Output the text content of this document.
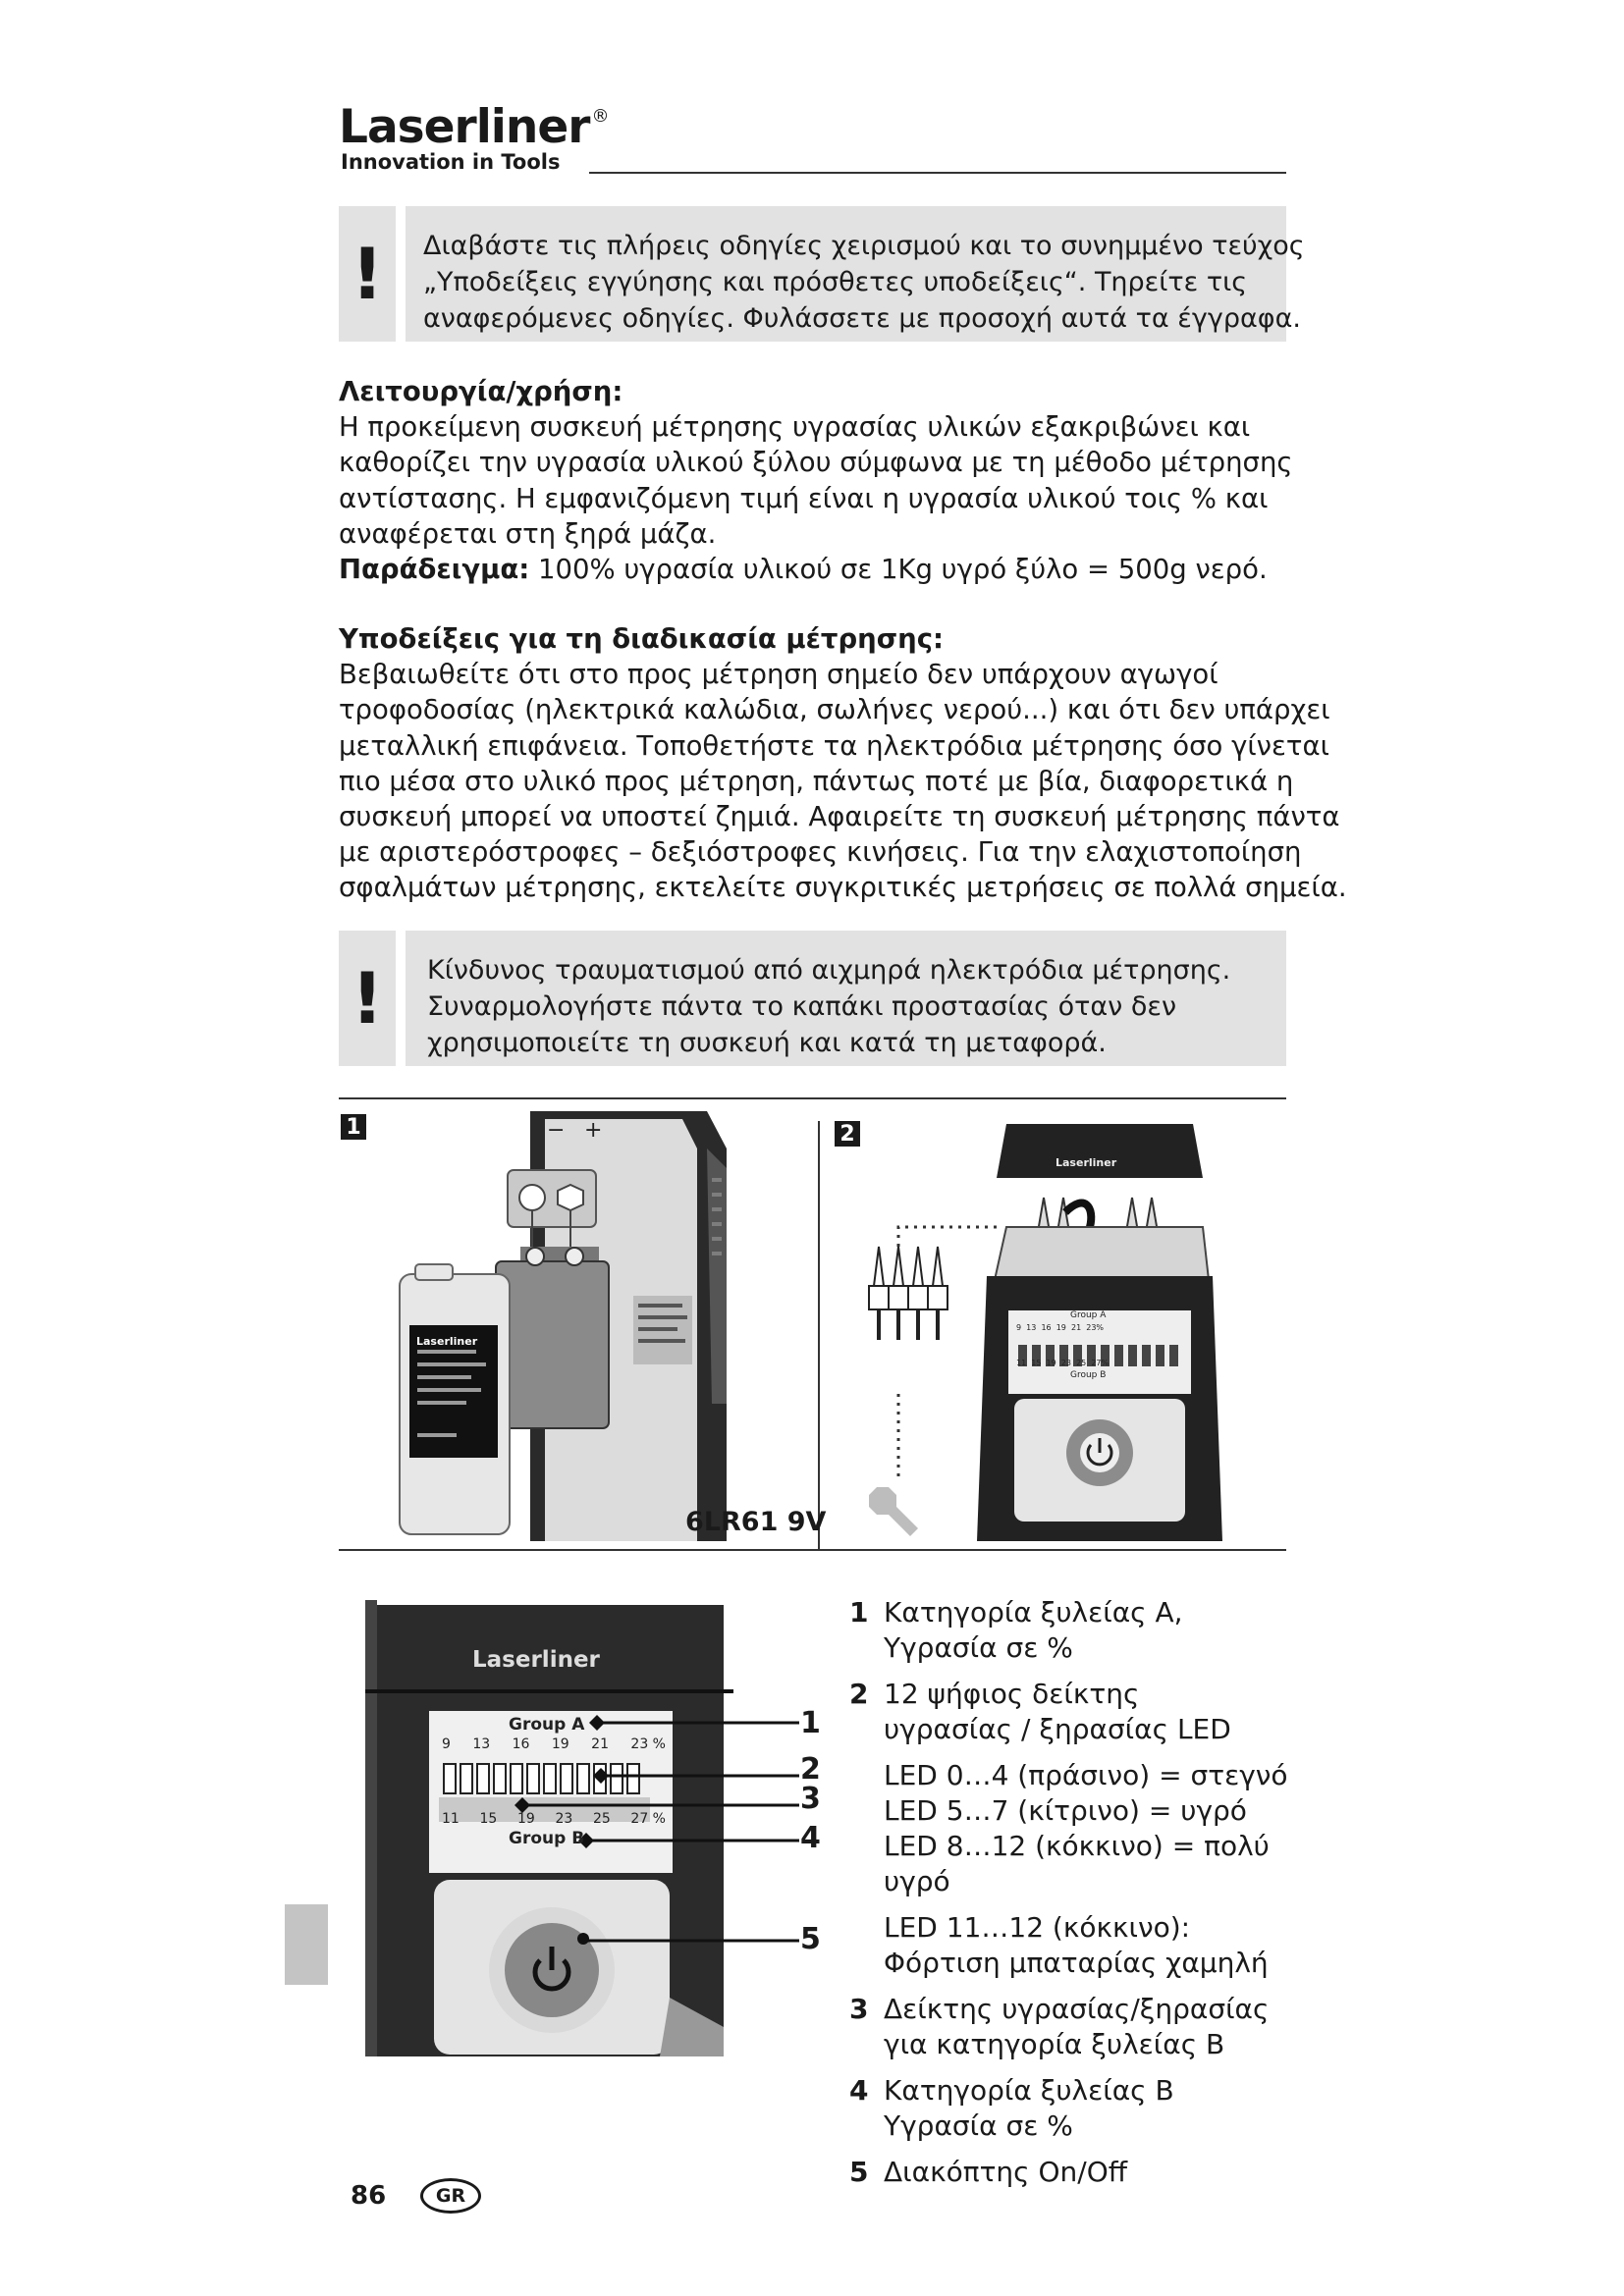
Laserliner ®
Innovation in Tools
!	Διαβάστε τις πλήρεις οδηγίες χειρισμού και το συνημμένο τεύχος
„Υποδείξεις εγγύησης και πρόσθετες υποδείξεις“. Τηρείτε τις
αναφερόμενες οδηγίες. Φυλάσσετε με προσοχή αυτά τα έγγραφα.
Λειτουργία/χρήση:
Η προκείμενη συσκευή μέτρησης υγρασίας υλικών εξακριβώνει και
καθορίζει την υγρασία υλικού ξύλου σύμφωνα με τη μέθοδο μέτρησης
αντίστασης. Η εμφανιζόμενη τιμή είναι η υγρασία υλικού τοις % και
αναφέρεται στη ξηρά μάζα.
Παράδειγμα: 100% υγρασία υλικού σε 1Kg υγρό ξύλο = 500g νερό.
Υποδείξεις για τη διαδικασία μέτρησης:
Βεβαιωθείτε ότι στο προς μέτρηση σημείο δεν υπάρχουν αγωγοί
τροφοδοσίας (ηλεκτρικά καλώδια, σωλήνες νερού...) και ότι δεν υπάρχει
μεταλλική επιφάνεια. Τοποθετήστε τα ηλεκτρόδια μέτρησης όσο γίνεται
πιο μέσα στο υλικό προς μέτρηση, πάντως ποτέ με βία, διαφορετικά η
συσκευή μπορεί να υποστεί ζημιά. Αφαιρείτε τη συσκευή μέτρησης πάντα
με αριστερόστροφες – δεξιόστροφες κινήσεις. Για την ελαχιστοποίηση
σφαλμάτων μέτρησης, εκτελείτε συγκριτικές μετρήσεις σε πολλά σημεία.
!	Κίνδυνος τραυματισμού από αιχμηρά ηλεκτρόδια μέτρησης.
Συναρμολογήστε πάντα το καπάκι προστασίας όταν δεν
χρησιμοποιείτε τη συσκευή και κατά τη μεταφορά.
1	2
− +
Laserliner
6LR61 9V
Laserliner
Group A
9  13  16  19  21  23%
11  15  19  23  25  27%
Group B
Laserliner
Group A
Group B
9 13 16 19 21 23 %
11 15 19 23 25 27 %
1
2
3
4
5
1 Κατηγορία ξυλείας A,
Υγρασία σε %
2 12 ψήφιος δείκτης
υγρασίας / ξηρασίας LED
LED 0…4 (πράσινο) = στεγνό
LED 5…7 (κίτρινο) = υγρό
LED 8…12 (κόκκινο) = πολύ
υγρό
LED 11…12 (κόκκινο):
Φόρτιση μπαταρίας χαμηλή
3 Δείκτης υγρασίας/ξηρασίας
για κατηγορία ξυλείας B
4 Κατηγορία ξυλείας B
Υγρασία σε %
5 Διακόπτης On/Off
86	GR
